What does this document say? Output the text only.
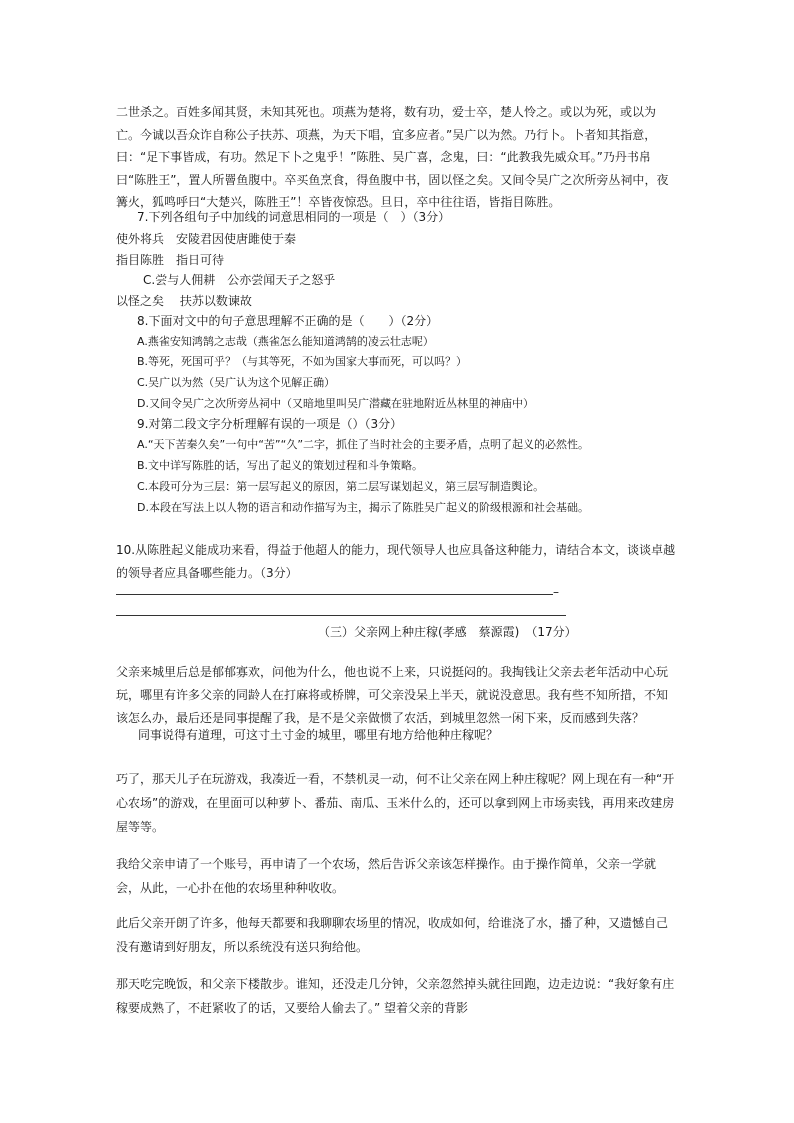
二世杀之。百姓多闻其贤，未知其死也。项燕为楚将，数有功，爱士卒，楚人怜之。或以为死，或以为亡。今诚以吾众诈自称公子扶苏、项燕，为天下唱，宜多应者。”吴广以为然。乃行卜。卜者知其指意，曰：“足下事皆成，有功。然足下卜之鬼乎！”陈胜、吴广喜，念鬼，曰：“此教我先威众耳。”乃丹书帛曰“陈胜王”，置人所罾鱼腹中。卒买鱼烹食，得鱼腹中书，固以怪之矣。又间令吴广之次所旁丛祠中，夜篝火，狐鸣呼曰“大楚兴，陈胜王”！卒皆夜惊恐。旦日，卒中往往语，皆指目陈胜。
7.下列各组句子中加线的词意思相同的一项是（　）（3分）
使外将兵　安陵君因使唐雎使于秦
指目陈胜　指日可待
C.尝与人佣耕　公亦尝闻天子之怒乎
以怪之矣　 扶苏以数谏故
8.下面对文中的句子意思理解不正确的是（　　）（2分）
A.燕雀安知鸿鹄之志哉（燕雀怎么能知道鸿鹄的凌云壮志呢）
B.等死，死国可乎？（与其等死，不如为国家大事而死，可以吗？）
C.吴广以为然（吴广认为这个见解正确）
D.又间令吴广之次所旁丛祠中（又暗地里叫吴广潜藏在驻地附近丛林里的神庙中）
9.对第二段文字分析理解有误的一项是（）（3分）
A.“天下苦秦久矣”一句中“苦”“久”二字，抓住了当时社会的主要矛盾，点明了起义的必然性。
B.文中详写陈胜的话，写出了起义的策划过程和斗争策略。
C.本段可分为三层：第一层写起义的原因，第二层写谋划起义，第三层写制造舆论。
D.本段在写法上以人物的语言和动作描写为主，揭示了陈胜吴广起义的阶级根源和社会基础。
10.从陈胜起义能成功来看，得益于他超人的能力，现代领导人也应具备这种能力，请结合本文，谈谈卓越的领导者应具备哪些能力。（3分）
–
（三）父亲网上种庄稼(孝感　蔡源霞)　（17分）
父亲来城里后总是郁郁寡欢，问他为什么，他也说不上来，只说挺闷的。我掏钱让父亲去老年活动中心玩玩，哪里有许多父亲的同龄人在打麻将或桥牌，可父亲没呆上半天，就说没意思。我有些不知所措，不知该怎么办，最后还是同事提醒了我，是不是父亲做惯了农活，到城里忽然一闲下来，反而感到失落？
同事说得有道理，可这寸土寸金的城里，哪里有地方给他种庄稼呢？
巧了，那天儿子在玩游戏，我凑近一看，不禁机灵一动，何不让父亲在网上种庄稼呢？网上现在有一种“开心农场”的游戏，在里面可以种萝卜、番茄、南瓜、玉米什么的，还可以拿到网上市场卖钱，再用来改建房屋等等。
我给父亲申请了一个账号，再申请了一个农场，然后告诉父亲该怎样操作。由于操作简单，父亲一学就会，从此，一心扑在他的农场里种种收收。
此后父亲开朗了许多，他每天都要和我聊聊农场里的情况，收成如何，给谁浇了水，播了种，又遗憾自己没有邀请到好朋友，所以系统没有送只狗给他。
那天吃完晚饭，和父亲下楼散步。谁知，还没走几分钟，父亲忽然掉头就往回跑，边走边说：“我好象有庄稼要成熟了，不赶紧收了的话，又要给人偷去了。” 望着父亲的背影
